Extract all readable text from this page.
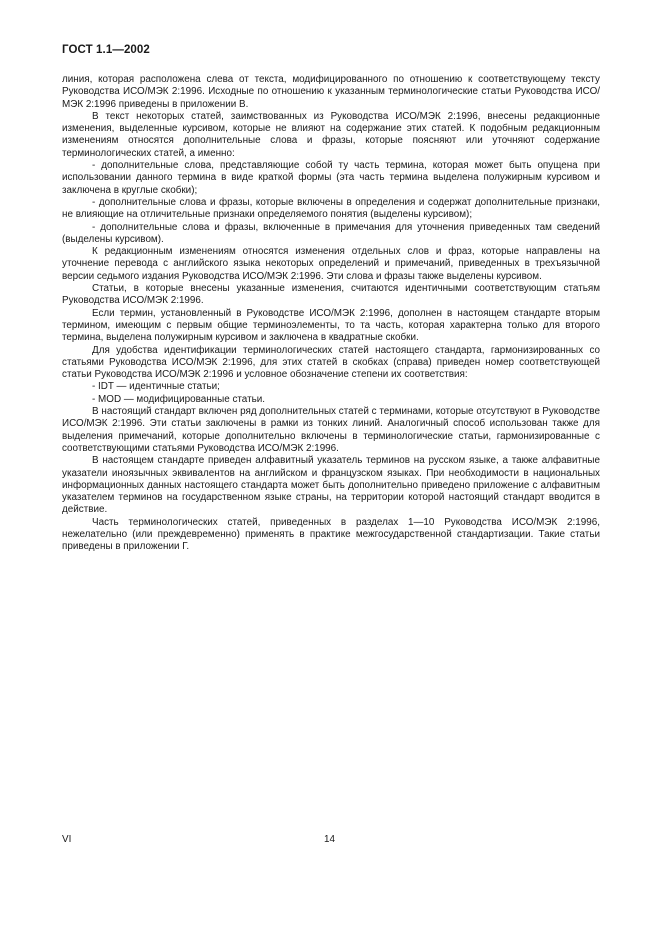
ГОСТ 1.1—2002

линия, которая расположена слева от текста, модифицированного по отношению к соответствующему тексту Руководства ИСО/МЭК 2:1996. Исходные по отношению к указанным терминологические статьи Руководства ИСО/МЭК 2:1996 приведены в приложении В.

В текст некоторых статей, заимствованных из Руководства ИСО/МЭК 2:1996, внесены редакционные изменения, выделенные курсивом, которые не влияют на содержание этих статей. К подобным редакционным изменениям относятся дополнительные слова и фразы, которые поясняют или уточняют содержание терминологических статей, а именно:

- дополнительные слова, представляющие собой ту часть термина, которая может быть опущена при использовании данного термина в виде краткой формы (эта часть термина выделена полужирным курсивом и заключена в круглые скобки);

- дополнительные слова и фразы, которые включены в определения и содержат дополнительные признаки, не влияющие на отличительные признаки определяемого понятия (выделены курсивом);

- дополнительные слова и фразы, включенные в примечания для уточнения приведенных там сведений (выделены курсивом).

К редакционным изменениям относятся изменения отдельных слов и фраз, которые направлены на уточнение перевода с английского языка некоторых определений и примечаний, приведенных в трехъязычной версии седьмого издания Руководства ИСО/МЭК 2:1996. Эти слова и фразы также выделены курсивом.

Статьи, в которые внесены указанные изменения, считаются идентичными соответствующим статьям Руководства ИСО/МЭК 2:1996.

Если термин, установленный в Руководстве ИСО/МЭК 2:1996, дополнен в настоящем стандарте вторым термином, имеющим с первым общие терминоэлементы, то та часть, которая характерна только для второго термина, выделена полужирным курсивом и заключена в квадратные скобки.

Для удобства идентификации терминологических статей настоящего стандарта, гармонизированных со статьями Руководства ИСО/МЭК 2:1996, для этих статей в скобках (справа) приведен номер соответствующей статьи Руководства ИСО/МЭК 2:1996 и условное обозначение степени их соответствия:

- IDT — идентичные статьи;

- MOD — модифицированные статьи.

В настоящий стандарт включен ряд дополнительных статей с терминами, которые отсутствуют в Руководстве ИСО/МЭК 2:1996. Эти статьи заключены в рамки из тонких линий. Аналогичный способ использован также для выделения примечаний, которые дополнительно включены в терминологические статьи, гармонизированные с соответствующими статьями Руководства ИСО/МЭК 2:1996.

В настоящем стандарте приведен алфавитный указатель терминов на русском языке, а также алфавитные указатели иноязычных эквивалентов на английском и французском языках. При необходимости в национальных информационных данных настоящего стандарта может быть дополнительно приведено приложение с алфавитным указателем терминов на государственном языке страны, на территории которой настоящий стандарт вводится в действие.

Часть терминологических статей, приведенных в разделах 1—10 Руководства ИСО/МЭК 2:1996, нежелательно (или преждевременно) применять в практике межгосударственной стандартизации. Такие статьи приведены в приложении Г.

VI	14
